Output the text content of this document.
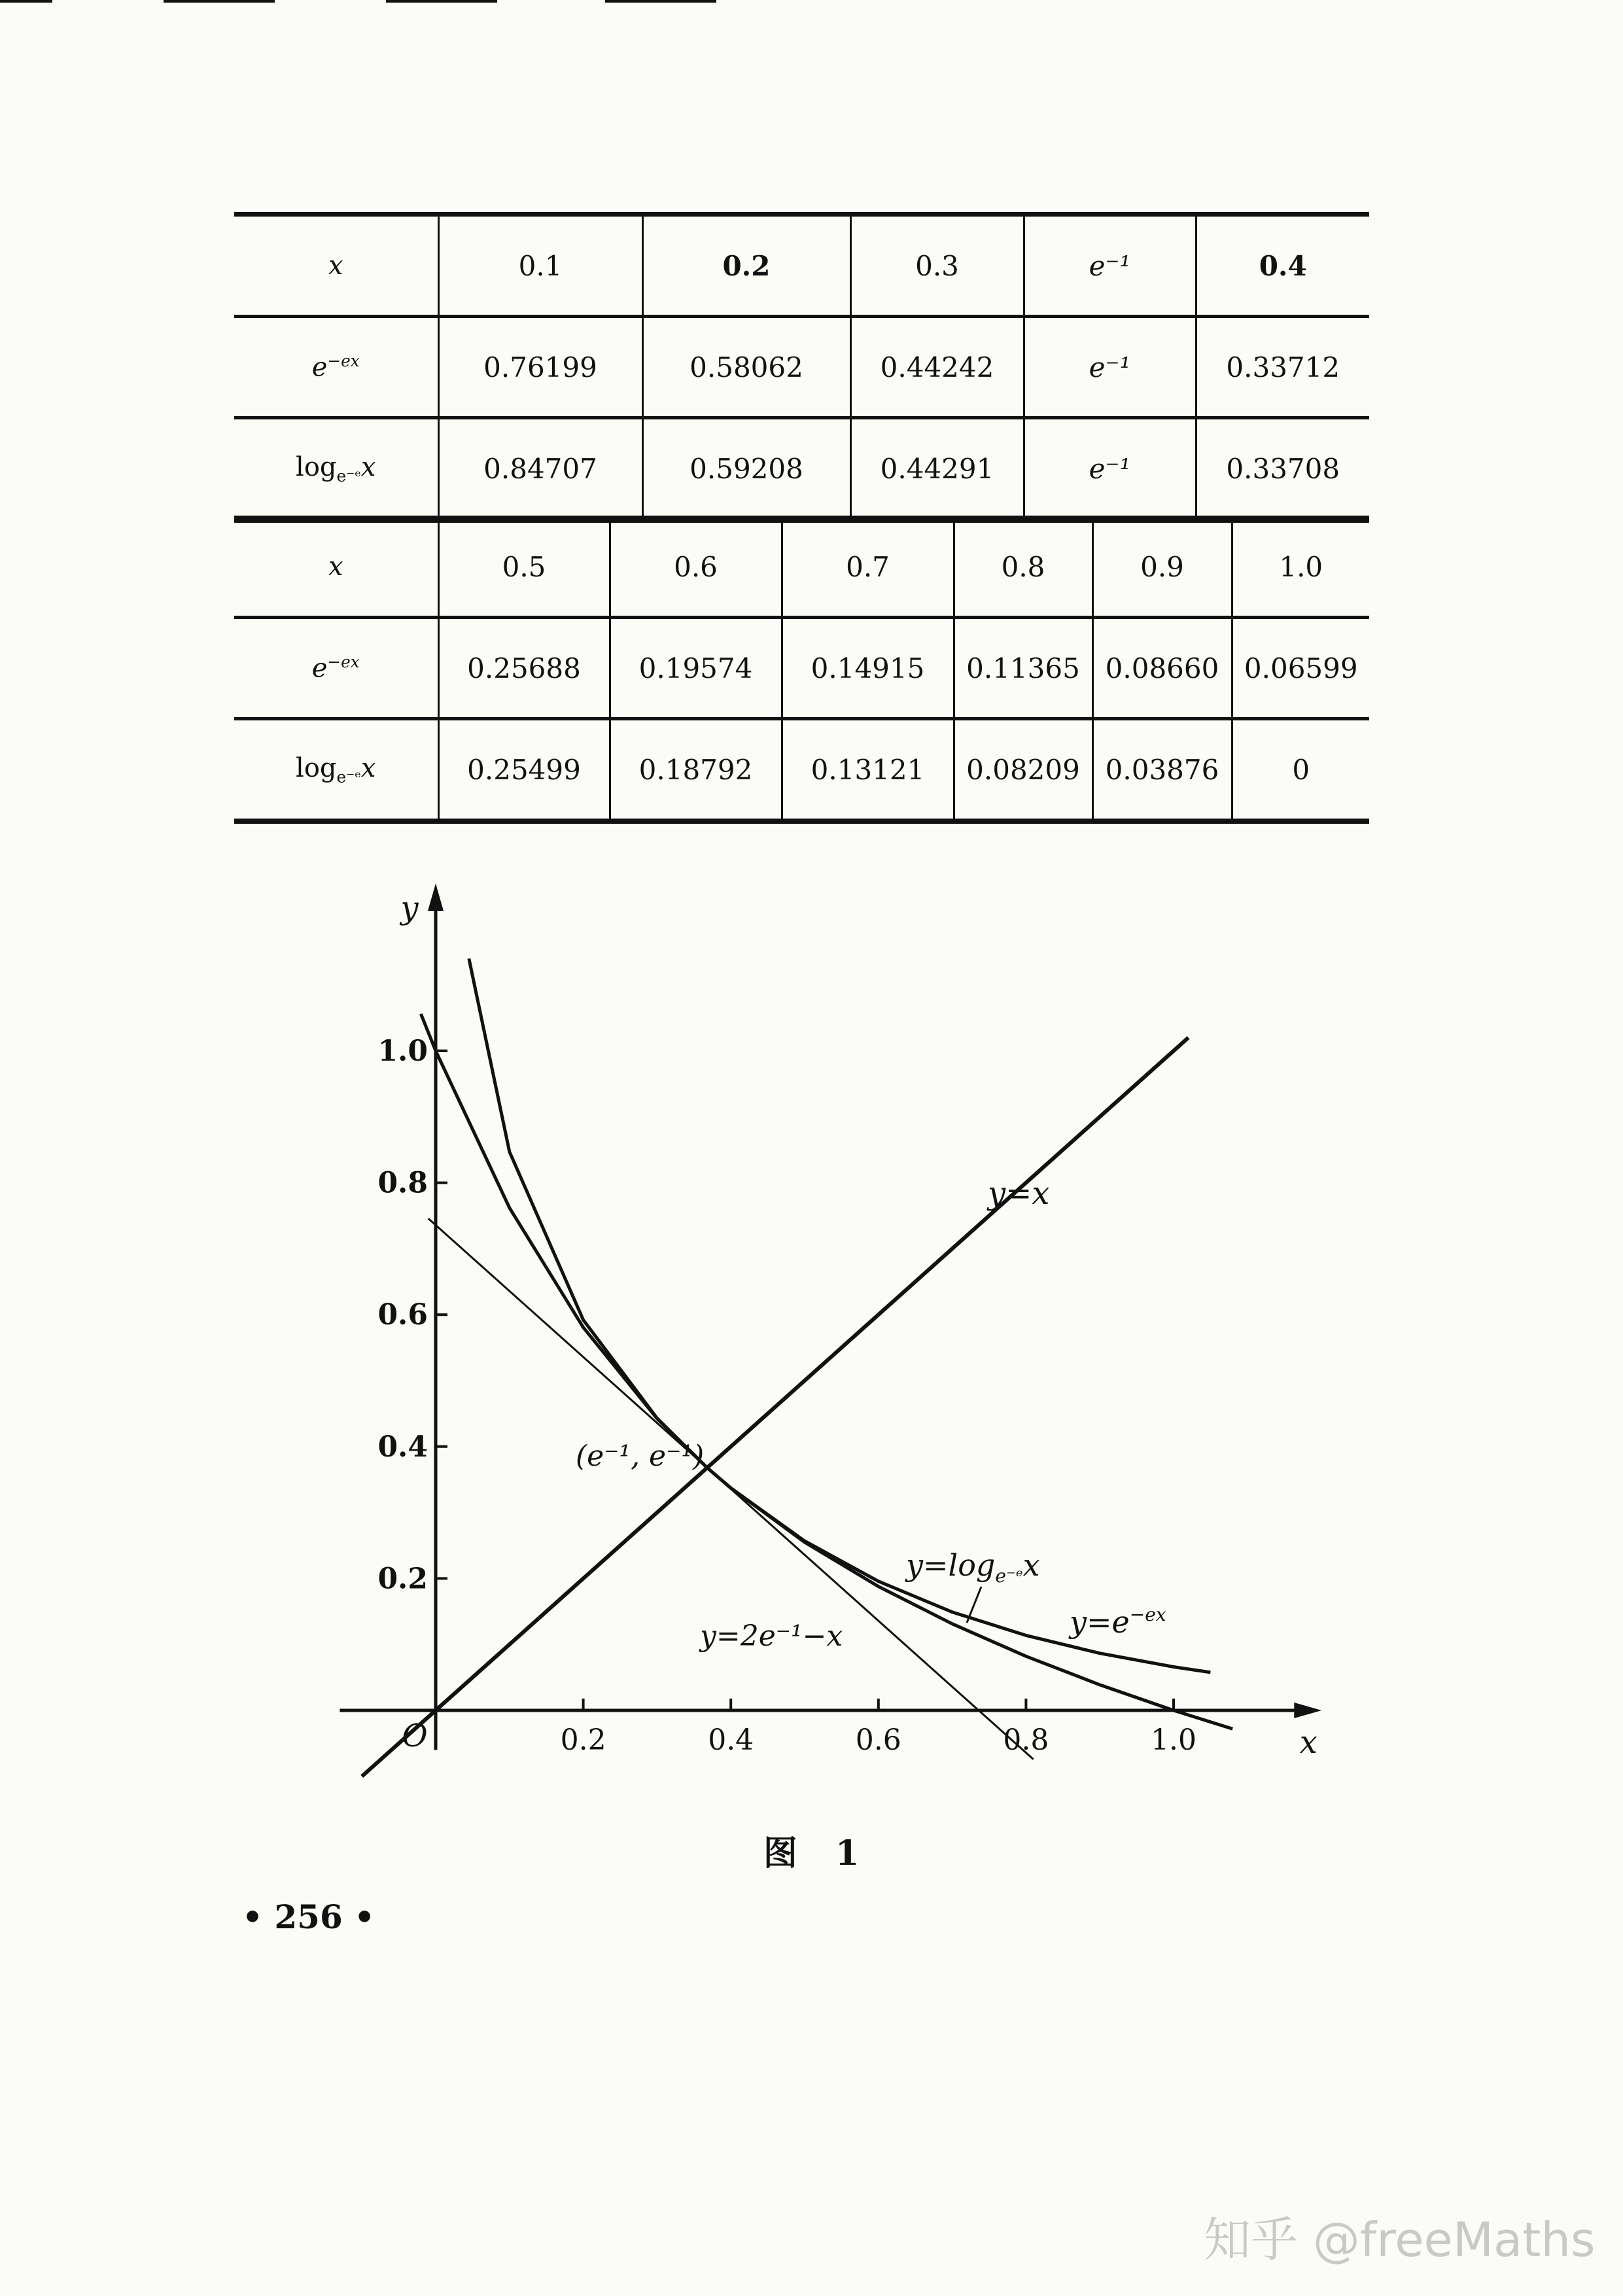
x	0.1	0.2	0.3	e⁻¹	0.4
$e^{-ex}$	0.76199	0.58062	0.44242	e⁻¹	0.33712
$\log_{e^-ᵉ}x$	0.84707	0.59208	0.44291	e⁻¹	0.33708
x	0.5	0.6	0.7	0.8	0.9	1.0
$e^{-ex}$	0.25688	0.19574	0.14915	0.11365	0.08660	0.06599
$\log_{e^-ᵉ}x$	0.25499	0.18792	0.13121	0.08209	0.03876	0
0.2	0.4	0.6	0.8	1.0
0.2
0.4
0.6
0.8
1.0
O	x
y
(e⁻¹, e⁻¹)
y=x
$y=\log_{e^-ᵉ}x$
$y=e^{-ex}$
y=2e⁻¹−x
图 1
• 256 •
知乎 @freeMaths
